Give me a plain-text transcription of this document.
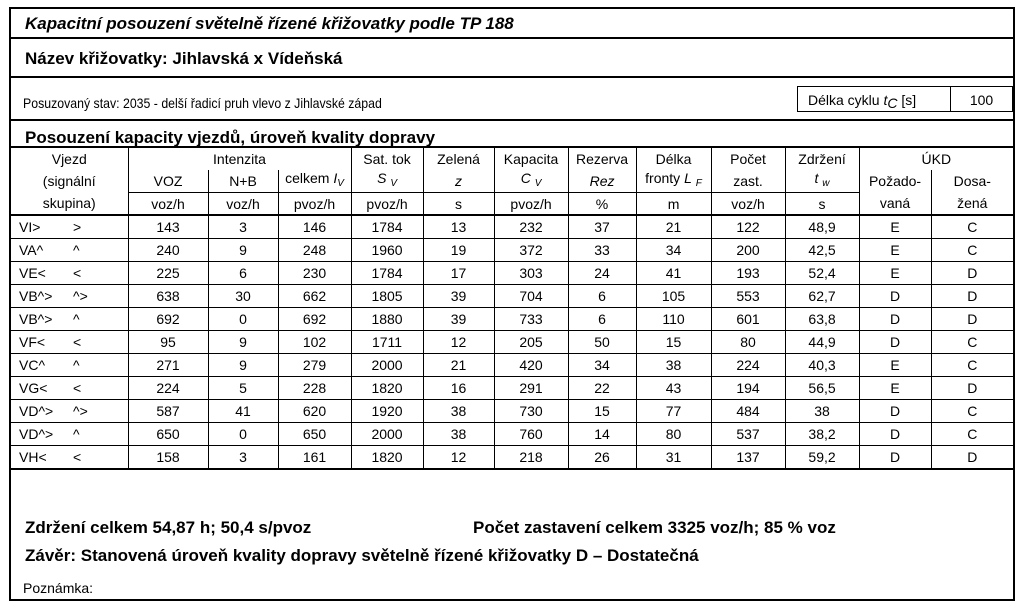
Kapacitní posouzení světelně řízené křižovatky podle TP 188
Název křižovatky: Jihlavská x Vídeňská
Posuzovaný stav: 2035 - delší řadicí pruh vlevo z Jihlavské západ	Délka cyklu tC [s]	100
Posouzení kapacity vjezdů, úroveň kvality dopravy
Vjezd	Intenzita			Sat. tok	Zelená	Kapacita	Rezerva	Délka	Počet	Zdržení	ÚKD	
(signální	VOZ	N+B	celkem $I_V$	S $_V$	z	C $_V$	Rez	fronty L $_F$	zast.	t $_w$	Požado-	Dosa-
skupina)	voz/h	voz/h	pvoz/h	pvoz/h	s	pvoz/h	%	m	voz/h	s	vaná	žená

VI> >	143	3	146	1784	13	232	37	21	122	48,9	E	C

VA^ ^	240	9	248	1960	19	372	33	34	200	42,5	E	C

VE< <	225	6	230	1784	17	303	24	41	193	52,4	E	D

VB^> ^>	638	30	662	1805	39	704	6	105	553	62,7	D	D

VB^> ^	692	0	692	1880	39	733	6	110	601	63,8	D	D

VF< <	95	9	102	1711	12	205	50	15	80	44,9	D	C

VC^ ^	271	9	279	2000	21	420	34	38	224	40,3	E	C

VG< <	224	5	228	1820	16	291	22	43	194	56,5	E	D

VD^> ^>	587	41	620	1920	38	730	15	77	484	38	D	C

VD^> ^	650	0	650	2000	38	760	14	80	537	38,2	D	C

VH< <	158	3	161	1820	12	218	26	31	137	59,2	D	D
Zdržení celkem 54,87 h; 50,4 s/pvoz	Počet zastavení celkem 3325 voz/h; 85 % voz
Závěr: Stanovená úroveň kvality dopravy světelně řízené křižovatky D – Dostatečná
Poznámka:
